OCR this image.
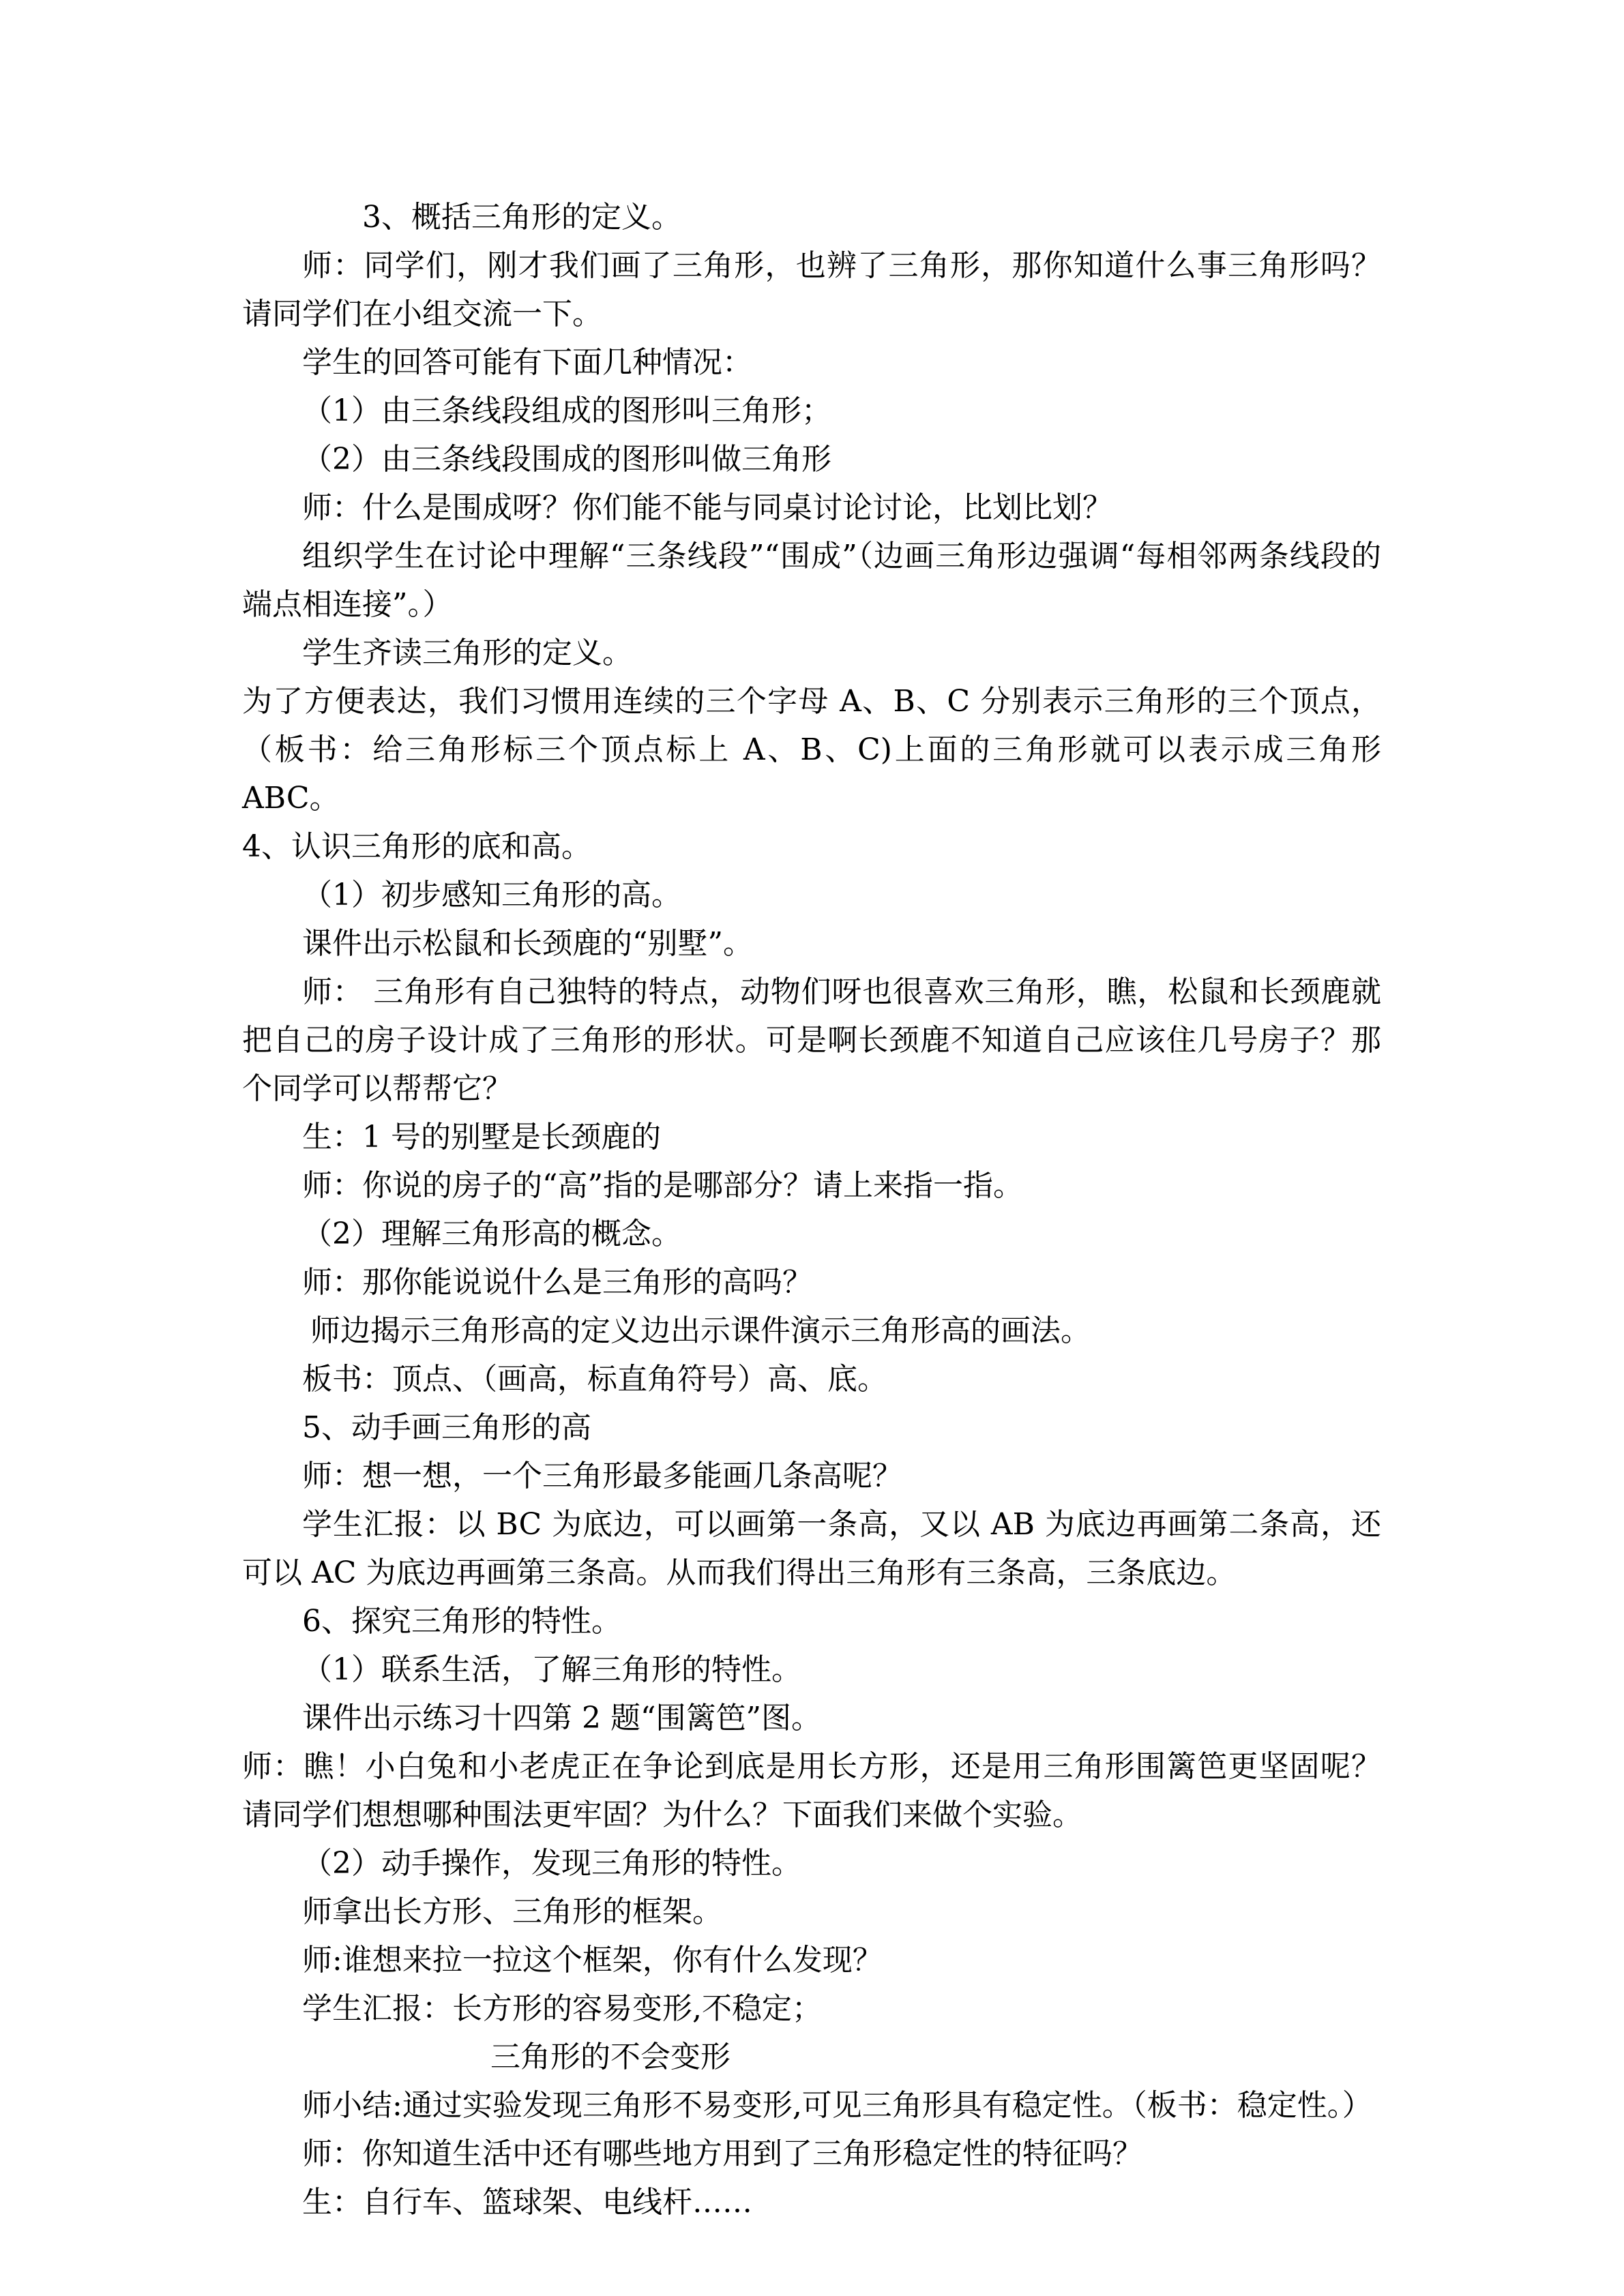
3、概括三角形的定义。

师：同学们，刚才我们画了三角形，也辨了三角形，那你知道什么事三角形吗？请同学们在小组交流一下。

学生的回答可能有下面几种情况：

（1）由三条线段组成的图形叫三角形；

（2）由三条线段围成的图形叫做三角形

师：什么是围成呀？你们能不能与同桌讨论讨论，比划比划？

组织学生在讨论中理解“三条线段”“围成”（边画三角形边强调“每相邻两条线段的端点相连接”。）

学生齐读三角形的定义。

为了方便表达，我们习惯用连续的三个字母 A、B、C 分别表示三角形的三个顶点，（板书：给三角形标三个顶点标上 A、B、C)上面的三角形就可以表示成三角形 ABC。

4、认识三角形的底和高。

（1）初步感知三角形的高。

课件出示松鼠和长颈鹿的“别墅”。

师： 三角形有自己独特的特点，动物们呀也很喜欢三角形，瞧，松鼠和长颈鹿就把自己的房子设计成了三角形的形状。可是啊长颈鹿不知道自己应该住几号房子？那个同学可以帮帮它？

生：1 号的别墅是长颈鹿的

师：你说的房子的“高”指的是哪部分？请上来指一指。

（2）理解三角形高的概念。

师：那你能说说什么是三角形的高吗？

师边揭示三角形高的定义边出示课件演示三角形高的画法。

板书：顶点、（画高，标直角符号）高、底。

5、动手画三角形的高

师：想一想，一个三角形最多能画几条高呢？

学生汇报：以 BC 为底边，可以画第一条高，又以 AB 为底边再画第二条高，还可以 AC 为底边再画第三条高。从而我们得出三角形有三条高，三条底边。

6、探究三角形的特性。

（1）联系生活，了解三角形的特性。

课件出示练习十四第 2 题“围篱笆”图。

师：瞧！小白兔和小老虎正在争论到底是用长方形，还是用三角形围篱笆更坚固呢？请同学们想想哪种围法更牢固？为什么？下面我们来做个实验。

（2）动手操作，发现三角形的特性。

师拿出长方形、三角形的框架。

师:谁想来拉一拉这个框架，你有什么发现？

学生汇报：长方形的容易变形,不稳定；

三角形的不会变形

师小结:通过实验发现三角形不易变形,可见三角形具有稳定性。（板书：稳定性。）

师：你知道生活中还有哪些地方用到了三角形稳定性的特征吗？

生：自行车、篮球架、电线杆……
